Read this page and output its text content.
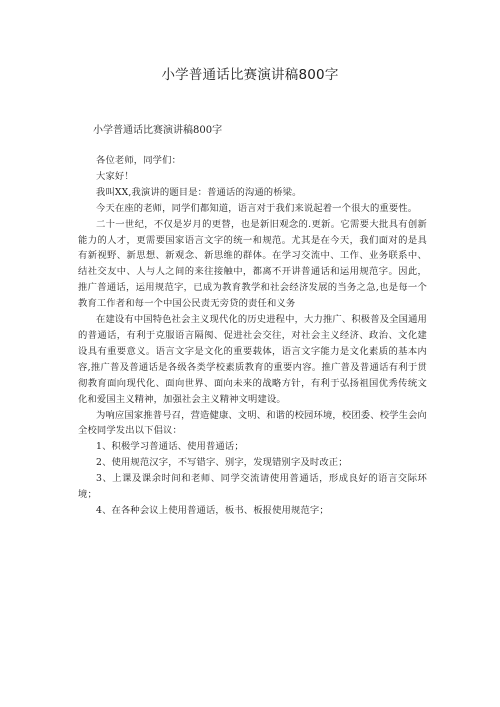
小学普通话比赛演讲稿800字
小学普通话比赛演讲稿800字

各位老师，同学们：

大家好！

我叫XX,我演讲的题目是：普通话的沟通的桥梁。

今天在座的老师，同学们都知道，语言对于我们来说起着一个很大的重要性。

二十一世纪，不仅是岁月的更替，也是新旧观念的.更新。它需要大批具有创新能力的人才，更需要国家语言文字的统一和规范。尤其是在今天，我们面对的是具有新视野、新思想、新观念、新思维的群体。在学习交流中、工作、业务联系中、结社交友中、人与人之间的来往接触中，都离不开讲普通话和运用规范字。因此，推广普通话，运用规范字，已成为教育教学和社会经济发展的当务之急,也是每一个教育工作者和每一个中国公民责无旁贷的责任和义务

在建设有中国特色社会主义现代化的历史进程中，大力推广、积极普及全国通用的普通话，有利于克服语言隔阂、促进社会交往，对社会主义经济、政治、文化建设具有重要意义。语言文字是文化的重要载体，语言文字能力是文化素质的基本内容,推广普及普通话是各级各类学校素质教育的重要内容。推广普及普通话有利于贯彻教育面向现代化、面向世界、面向未来的战略方针，有利于弘扬祖国优秀传统文化和爱国主义精神，加强社会主义精神文明建设。

为响应国家推普号召，营造健康、文明、和谐的校园环境，校团委、校学生会向全校同学发出以下倡议：

1、积极学习普通话、使用普通话；

2、使用规范汉字，不写错字、别字，发现错别字及时改正；

3、上课及课余时间和老师、同学交流请使用普通话，形成良好的语言交际环境；

4、在各种会议上使用普通话，板书、板报使用规范字；
